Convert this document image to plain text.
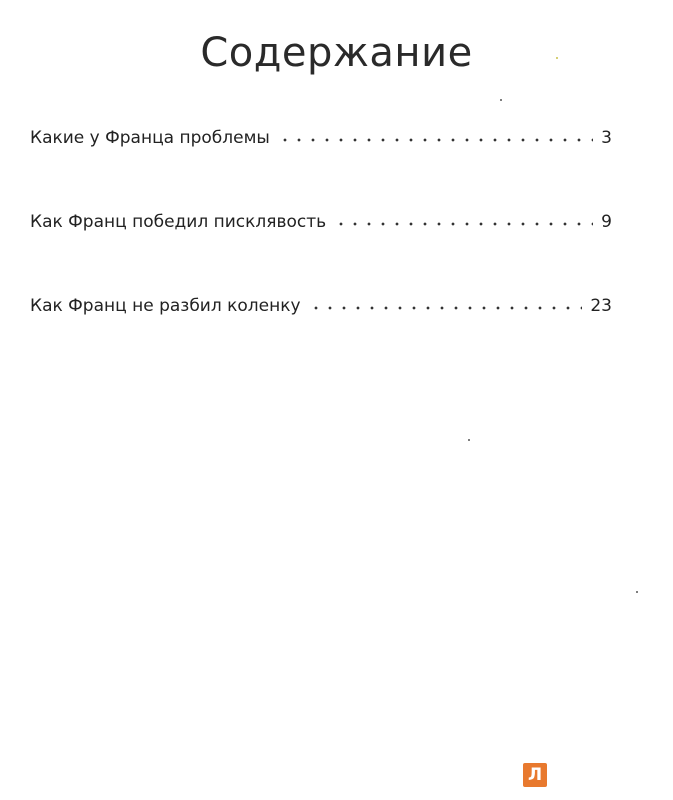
Содержание
Какие у Франца проблемы	3
Как Франц победил писклявость	9
Как Франц не разбил коленку	23
Л
